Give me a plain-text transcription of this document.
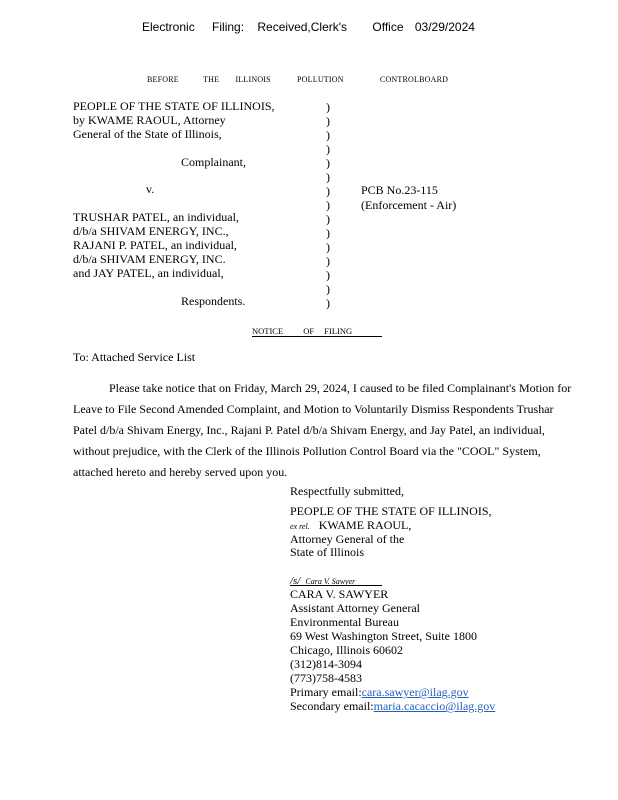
Electronic Filing: Received,Clerk's Office 03/29/2024
BEFORE	THE ILLINOIS	POLLUTION	CONTROLBOARD
PEOPLE OF THE STATE OF ILLINOIS,
by KWAME RAOUL, Attorney
General of the State of Illinois,
Complainant,
v.
TRUSHAR PATEL, an individual,
d/b/a SHIVAM ENERGY, INC.,
RAJANI P. PATEL, an individual,
d/b/a SHIVAM ENERGY, INC.
and JAY PATEL, an individual,
Respondents.
)
)
)
)
)
)
)
)
)
)
)
)
)
)
)
PCB No.23-115
(Enforcement - Air)
NOTICE OF FILING
To: Attached Service List
Please take notice that on Friday, March 29, 2024, I caused to be filed Complainant's Motion for Leave to File Second Amended Complaint, and Motion to Voluntarily Dismiss Respondents Trushar Patel d/b/a Shivam Energy, Inc., Rajani P. Patel d/b/a Shivam Energy, and Jay Patel, an individual, without prejudice, with the Clerk of the Illinois Pollution Control Board via the "COOL" System, attached hereto and hereby served upon you.
Respectfully submitted,
PEOPLE OF THE STATE OF ILLINOIS,
ex rel. KWAME RAOUL,
Attorney General of the
State of Illinois
/s/ Cara V. Sawyer
CARA V. SAWYER
Assistant Attorney General
Environmental Bureau
69 West Washington Street, Suite 1800
Chicago, Illinois 60602
(312)814-3094
(773)758-4583
Primary email:cara.sawyer@ilag.gov
Secondary email:maria.cacaccio@ilag.gov
